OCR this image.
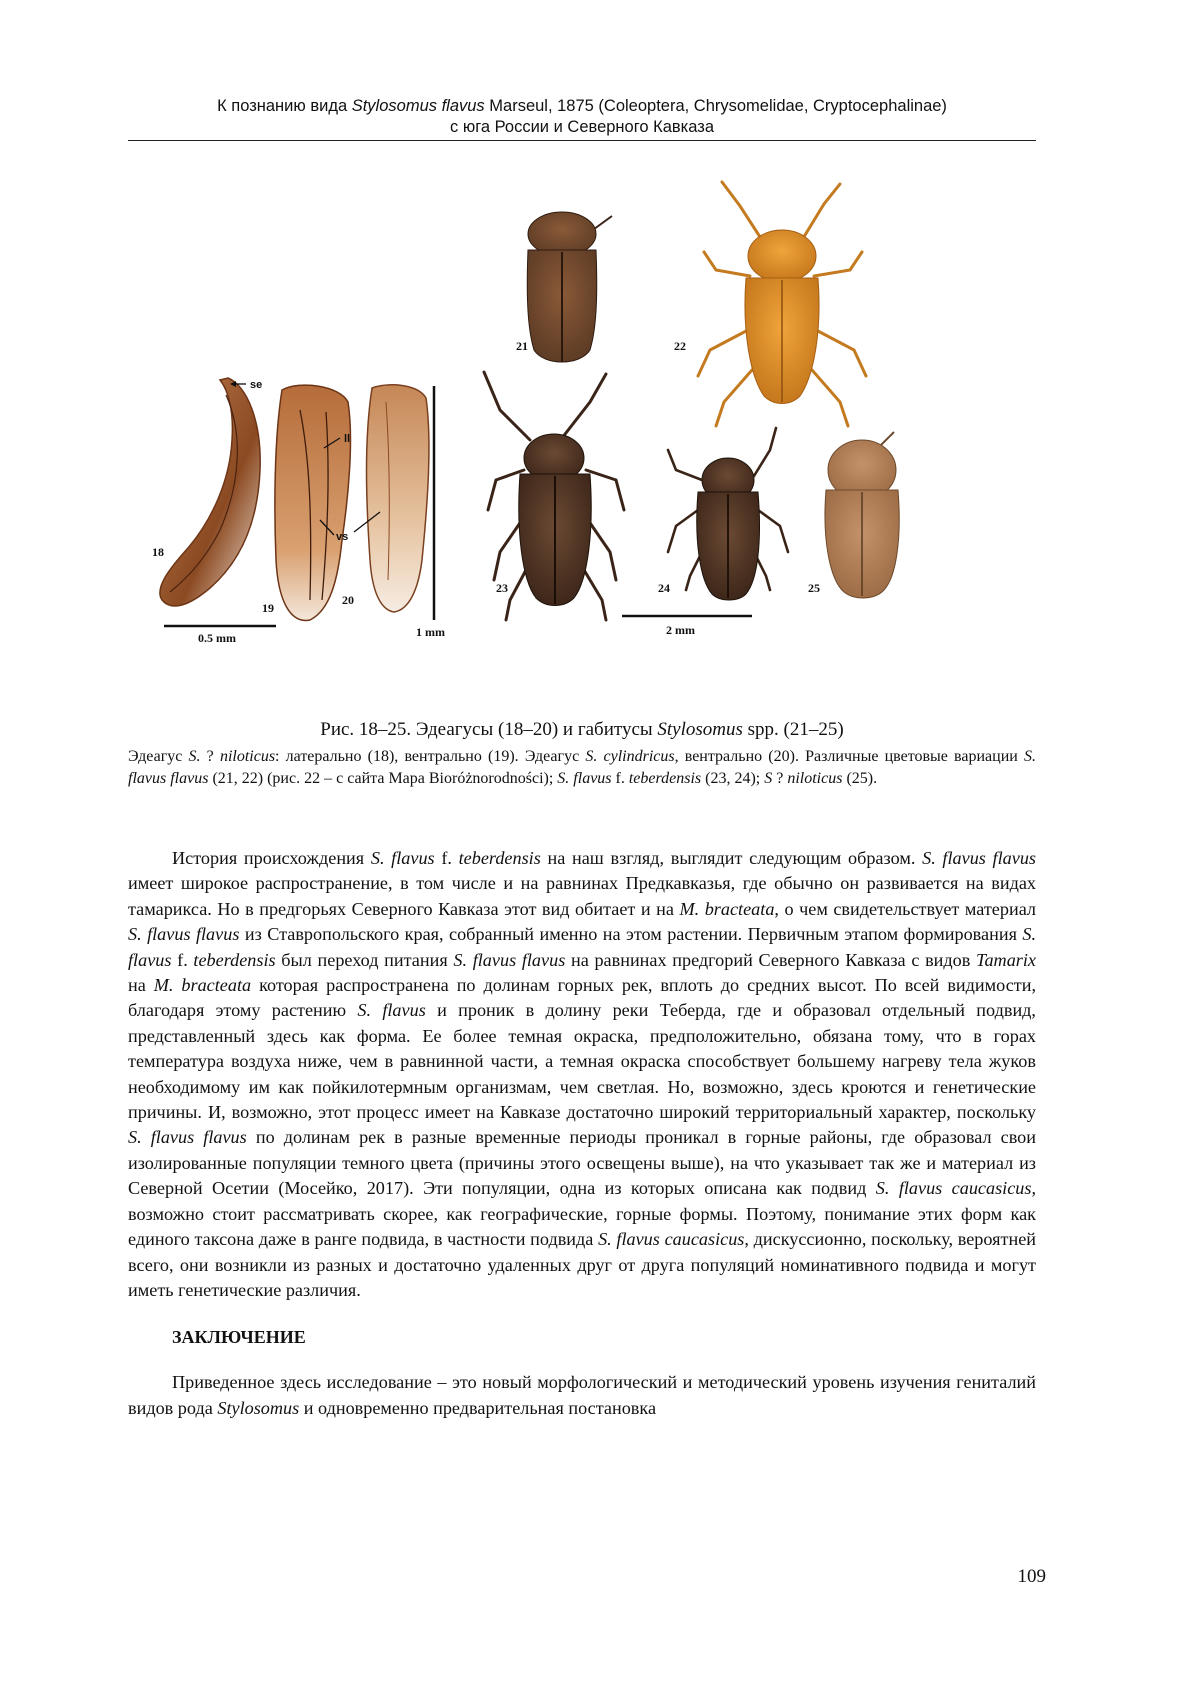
К познанию вида Stylosomus flavus Marseul, 1875 (Coleoptera, Chrysomelidae, Cryptocephalinae)
с юга России и Северного Кавказа
se
ll
vs
18
19
20
21	22
23	24	25
0.5 mm	1 mm	2 mm

Рис. 18–25. Эдеагусы (18–20) и габитусы Stylosomus spp. (21–25)

Эдеагус S. ? niloticus: латерально (18), вентрально (19). Эдеагус S. cylindricus, вентрально (20). Различные цветовые вариации S. flavus flavus (21, 22) (рис. 22 – с сайта Мара Bioróżnorodności); S. flavus f. teberdensis (23, 24); S ? niloticus (25).

История происхождения S. flavus f. teberdensis на наш взгляд, выглядит следующим образом. S. flavus flavus имеет широкое распространение, в том числе и на равнинах Предкавказья, где обычно он развивается на видах тамарикса. Но в предгорьях Северного Кавказа этот вид обитает и на M. bracteata, о чем свидетельствует материал S. flavus flavus из Ставропольского края, собранный именно на этом растении. Первичным этапом формирования S. flavus f. teberdensis был переход питания S. flavus flavus на равнинах предгорий Северного Кавказа с видов Tamarix на M. bracteata которая распространена по долинам горных рек, вплоть до средних высот. По всей видимости, благодаря этому растению S. flavus и проник в долину реки Теберда, где и образовал отдельный подвид, представленный здесь как форма. Ее более темная окраска, предположительно, обязана тому, что в горах температура воздуха ниже, чем в равнинной части, а темная окраска способствует большему нагреву тела жуков необходимому им как пойкилотермным организмам, чем светлая. Но, возможно, здесь кроются и генетические причины. И, возможно, этот процесс имеет на Кавказе достаточно широкий территориальный характер, поскольку S. flavus flavus по долинам рек в разные временные периоды проникал в горные районы, где образовал свои изолированные популяции темного цвета (причины этого освещены выше), на что указывает так же и материал из Северной Осетии (Мосейко, 2017). Эти популяции, одна из которых описана как подвид S. flavus caucasicus, возможно стоит рассматривать скорее, как географические, горные формы. Поэтому, понимание этих форм как единого таксона даже в ранге подвида, в частности подвида S. flavus caucasicus, дискуссионно, поскольку, вероятней всего, они возникли из разных и достаточно удаленных друг от друга популяций номинативного подвида и могут иметь генетические различия.

ЗАКЛЮЧЕНИЕ

Приведенное здесь исследование – это новый морфологический и методический уровень изучения гениталий видов рода Stylosomus и одновременно предварительная постановка

109
